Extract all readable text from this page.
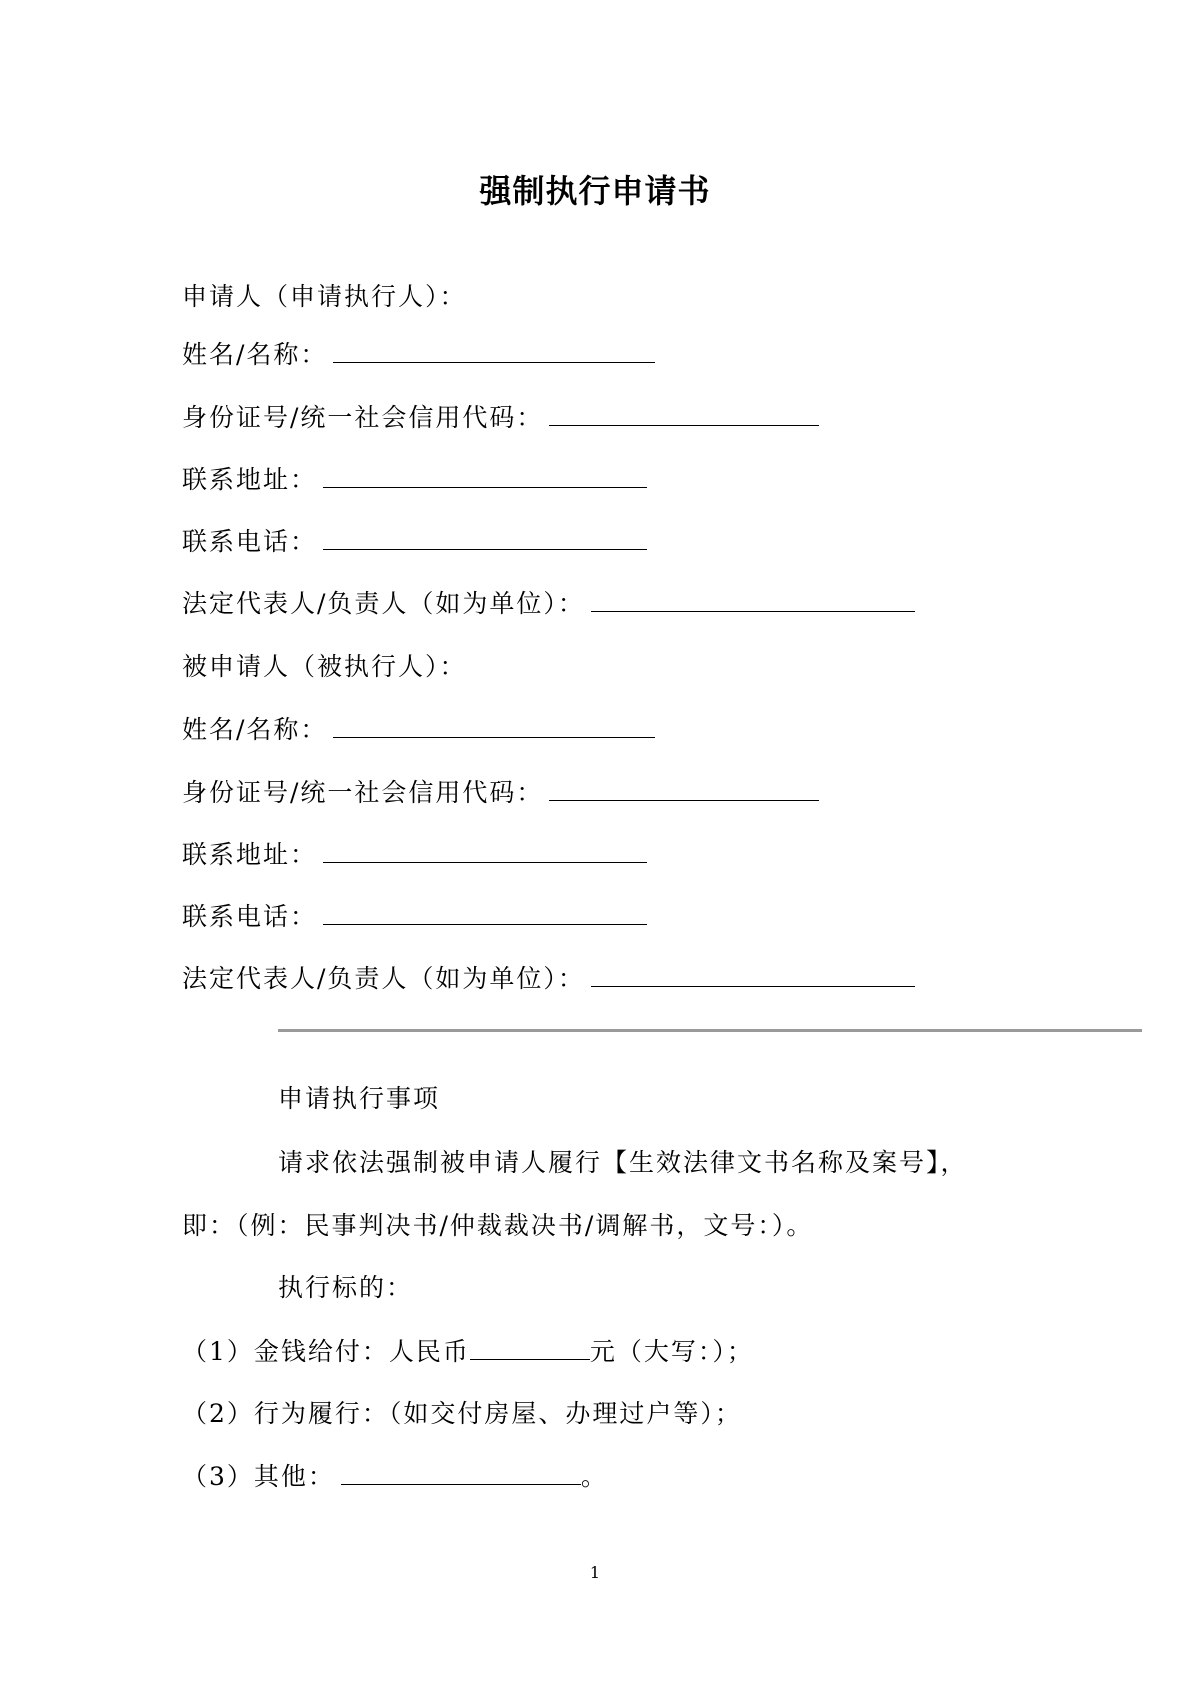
强制执行申请书

申请人（申请执行人）：

姓名/名称：

身份证号/统一社会信用代码：

联系地址：

联系电话：

法定代表人/负责人（如为单位）：

被申请人（被执行人）：

姓名/名称：

身份证号/统一社会信用代码：

联系地址：

联系电话：

法定代表人/负责人（如为单位）：

申请执行事项

请求依法强制被申请人履行【生效法律文书名称及案号】，

即：（例：民事判决书/仲裁裁决书/调解书，文号：）。

执行标的：

（1）金钱给付：人民币	元（大写：）；

（2）行为履行：（如交付房屋、办理过户等）；

（3）其他：	。

1
